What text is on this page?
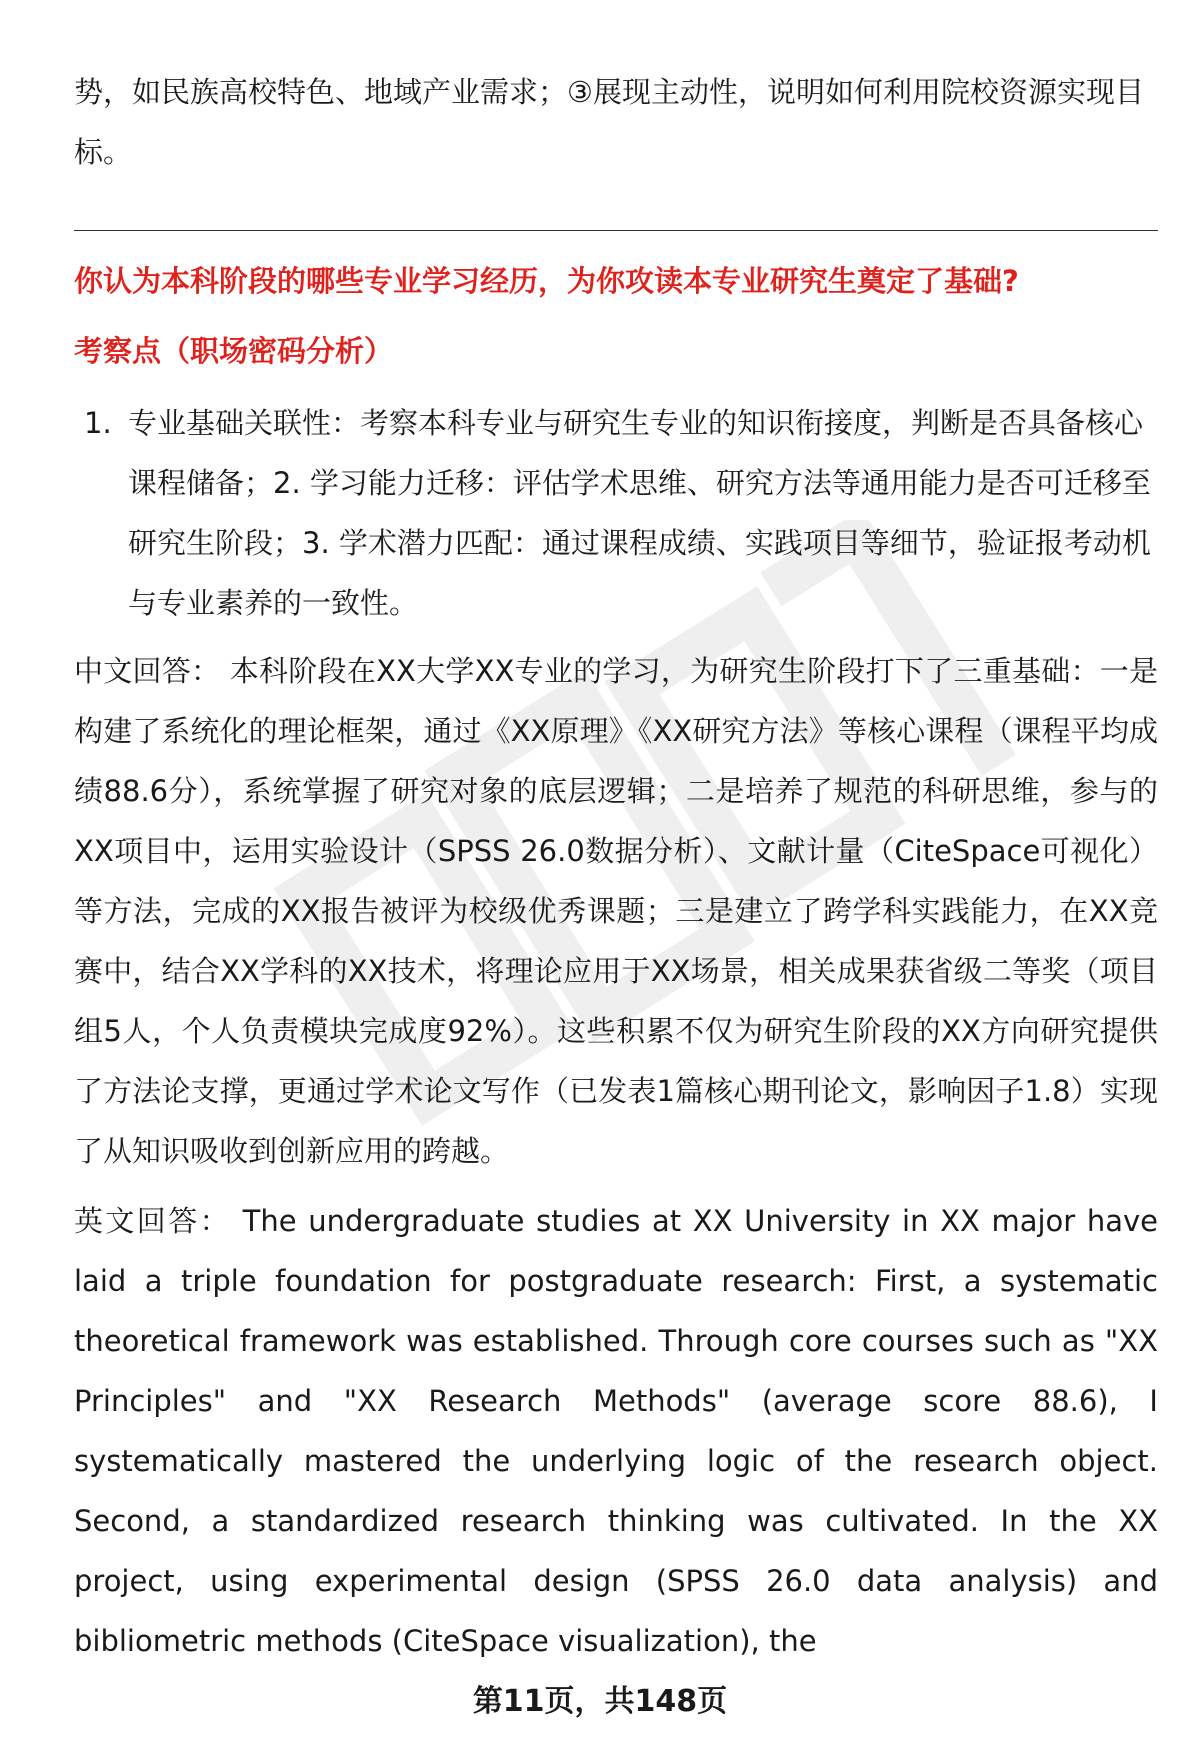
势，如民族高校特色、地域产业需求；③展现主动性，说明如何利用院校资源实现目标。

你认为本科阶段的哪些专业学习经历，为你攻读本专业研究生奠定了基础?

考察点（职场密码分析）

1. 专业基础关联性：考察本科专业与研究生专业的知识衔接度，判断是否具备核心课程储备；2. 学习能力迁移：评估学术思维、研究方法等通用能力是否可迁移至研究生阶段；3. 学术潜力匹配：通过课程成绩、实践项目等细节，验证报考动机与专业素养的一致性。

中文回答： 本科阶段在XX大学XX专业的学习，为研究生阶段打下了三重基础：一是构建了系统化的理论框架，通过《XX原理》《XX研究方法》等核心课程（课程平均成绩88.6分），系统掌握了研究对象的底层逻辑；二是培养了规范的科研思维，参与的XX项目中，运用实验设计（SPSS 26.0数据分析）、文献计量（CiteSpace可视化）等方法，完成的XX报告被评为校级优秀课题；三是建立了跨学科实践能力，在XX竞赛中，结合XX学科的XX技术，将理论应用于XX场景，相关成果获省级二等奖（项目组5人，个人负责模块完成度92%）。这些积累不仅为研究生阶段的XX方向研究提供了方法论支撑，更通过学术论文写作（已发表1篇核心期刊论文，影响因子1.8）实现了从知识吸收到创新应用的跨越。

英文回答： The undergraduate studies at XX University in XX major have laid a triple foundation for postgraduate research: First, a systematic theoretical framework was established. Through core courses such as "XX Principles" and "XX Research Methods" (average score 88.6), I systematically mastered the underlying logic of the research object. Second, a standardized research thinking was cultivated. In the XX project, using experimental design (SPSS 26.0 data analysis) and bibliometric methods (CiteSpace visualization), the

第11页，共148页
